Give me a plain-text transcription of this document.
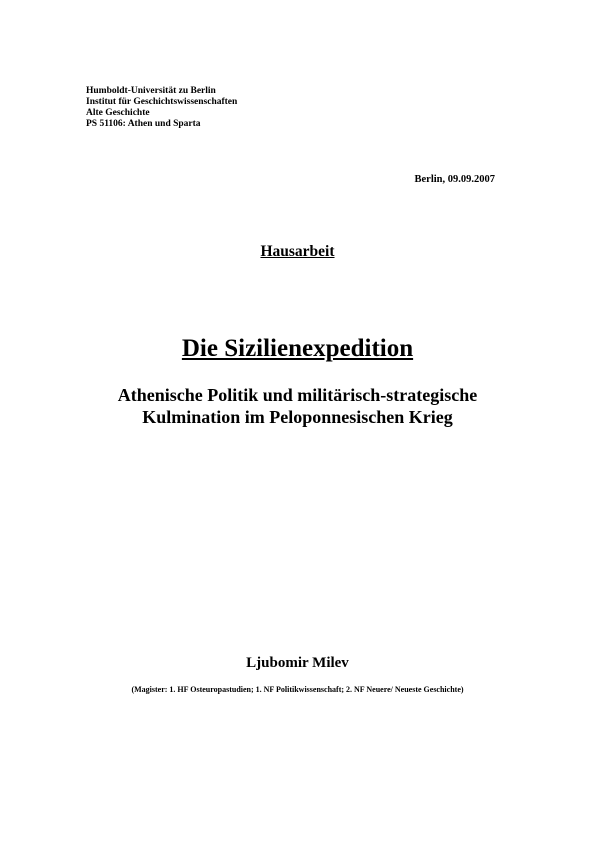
Humboldt-Universität zu Berlin
Institut für Geschichtswissenschaften
Alte Geschichte
PS 51106: Athen und Sparta
Berlin, 09.09.2007
Hausarbeit
Die Sizilienexpedition
Athenische Politik und militärisch-strategische
Kulmination im Peloponnesischen Krieg
Ljubomir Milev
(Magister: 1. HF Osteuropastudien; 1. NF Politikwissenschaft; 2. NF Neuere/ Neueste Geschichte)
